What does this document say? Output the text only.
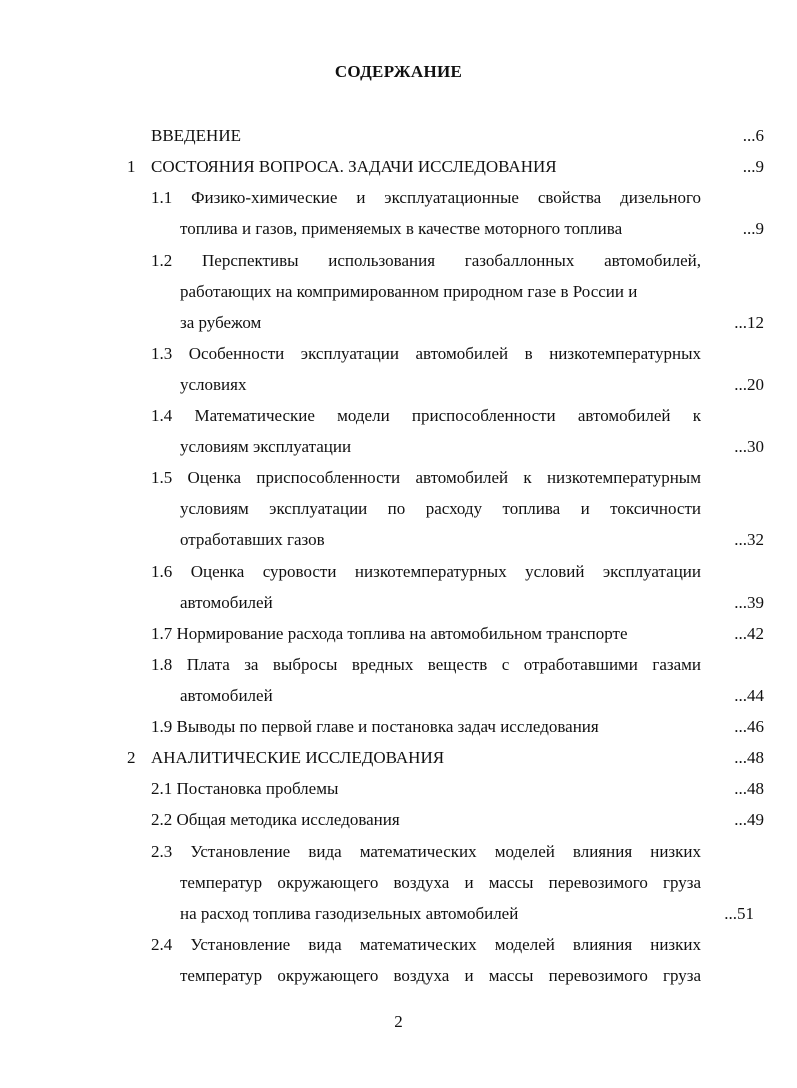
СОДЕРЖАНИЕ
ВВЕДЕНИЕ	...6
1 СОСТОЯНИЯ ВОПРОСА. ЗАДАЧИ ИССЛЕДОВАНИЯ	...9
1.1 Физико-химические и эксплуатационные свойства дизельного
топлива и газов, применяемых в качестве моторного топлива	...9
1.2 Перспективы использования газобаллонных автомобилей,
работающих на компримированном природном газе в России и
за рубежом	...12
1.3 Особенности эксплуатации автомобилей в низкотемпературных
условиях	...20
1.4 Математические модели приспособленности автомобилей к
условиям эксплуатации	...30
1.5 Оценка приспособленности автомобилей к низкотемпературным
условиям эксплуатации по расходу топлива и токсичности
отработавших газов	...32
1.6 Оценка суровости низкотемпературных условий эксплуатации
автомобилей	...39
1.7 Нормирование расхода топлива на автомобильном транспорте	...42
1.8 Плата за выбросы вредных веществ с отработавшими газами
автомобилей	...44
1.9 Выводы по первой главе и постановка задач исследования	...46
2 АНАЛИТИЧЕСКИЕ ИССЛЕДОВАНИЯ	...48
2.1 Постановка проблемы	...48
2.2 Общая методика исследования	...49
2.3 Установление вида математических моделей влияния низких
температур окружающего воздуха и массы перевозимого груза
на расход топлива газодизельных автомобилей	...51
2.4 Установление вида математических моделей влияния низких
температур окружающего воздуха и массы перевозимого груза
2
